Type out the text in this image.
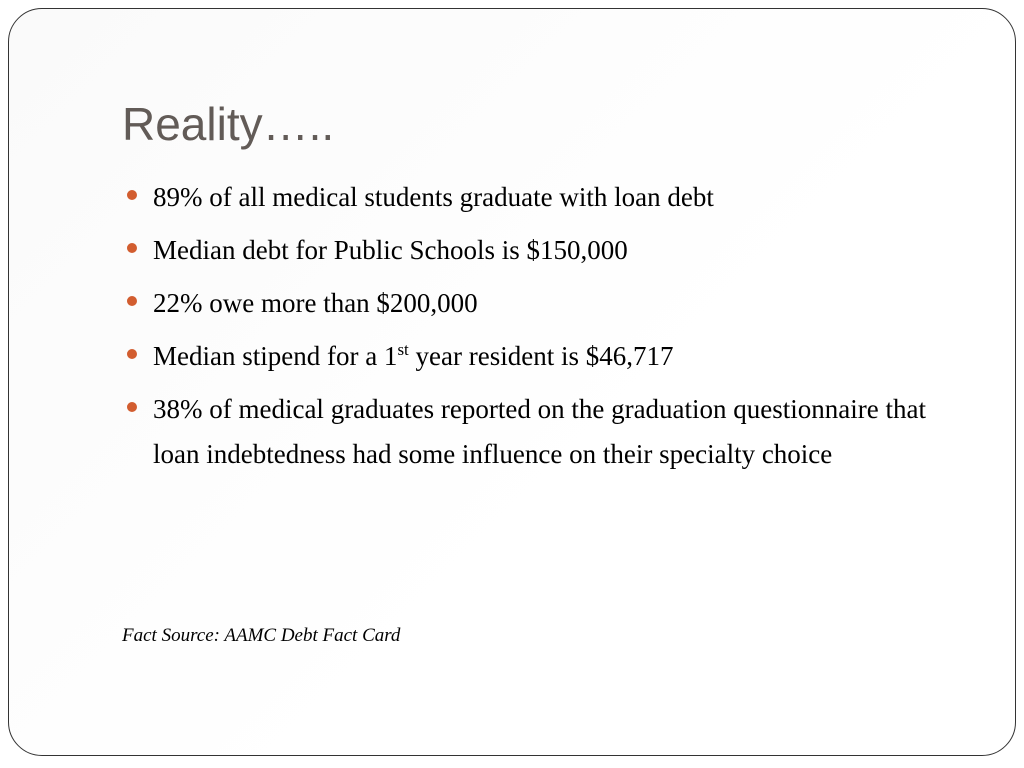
Reality…..
89% of all medical students graduate with loan debt
Median debt for Public Schools is $150,000
22% owe more than $200,000
Median stipend for a 1st year resident is $46,717
38% of medical graduates reported on the graduation questionnaire that loan indebtedness had some influence on their specialty choice

Fact Source: AAMC Debt Fact Card
